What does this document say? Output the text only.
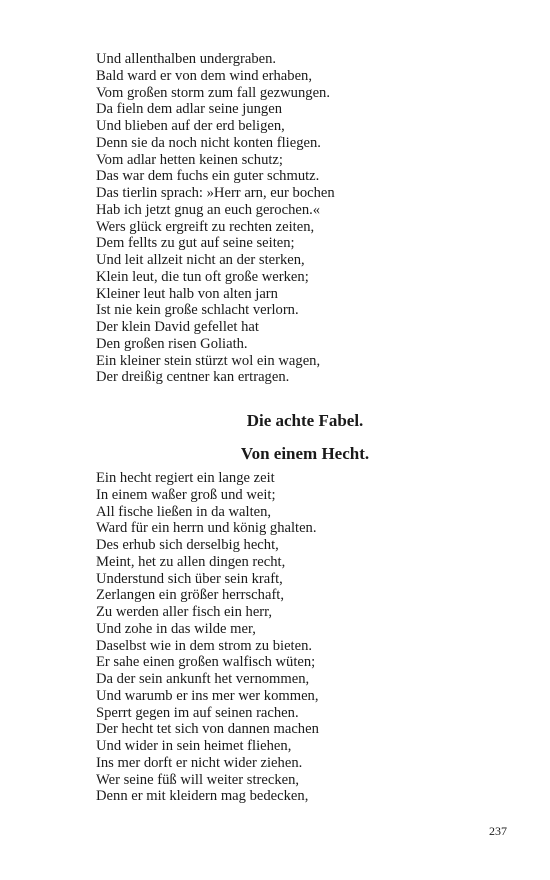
Und allenthalben undergraben.
Bald ward er von dem wind erhaben,
Vom großen storm zum fall gezwungen.
Da fieln dem adlar seine jungen
Und blieben auf der erd beligen,
Denn sie da noch nicht konten fliegen.
Vom adlar hetten keinen schutz;
Das war dem fuchs ein guter schmutz.
Das tierlin sprach: »Herr arn, eur bochen
Hab ich jetzt gnug an euch gerochen.«
Wers glück ergreift zu rechten zeiten,
Dem fellts zu gut auf seine seiten;
Und leit allzeit nicht an der sterken,
Klein leut, die tun oft große werken;
Kleiner leut halb von alten jarn
Ist nie kein große schlacht verlorn.
Der klein David gefellet hat
Den großen risen Goliath.
Ein kleiner stein stürzt wol ein wagen,
Der dreißig centner kan ertragen.
Die achte Fabel.
Von einem Hecht.
Ein hecht regiert ein lange zeit
In einem waßer groß und weit;
All fische ließen in da walten,
Ward für ein herrn und könig ghalten.
Des erhub sich derselbig hecht,
Meint, het zu allen dingen recht,
Understund sich über sein kraft,
Zerlangen ein größer herrschaft,
Zu werden aller fisch ein herr,
Und zohe in das wilde mer,
Daselbst wie in dem strom zu bieten.
Er sahe einen großen walfisch wüten;
Da der sein ankunft het vernommen,
Und warumb er ins mer wer kommen,
Sperrt gegen im auf seinen rachen.
Der hecht tet sich von dannen machen
Und wider in sein heimet fliehen,
Ins mer dorft er nicht wider ziehen.
Wer seine füß will weiter strecken,
Denn er mit kleidern mag bedecken,
237
